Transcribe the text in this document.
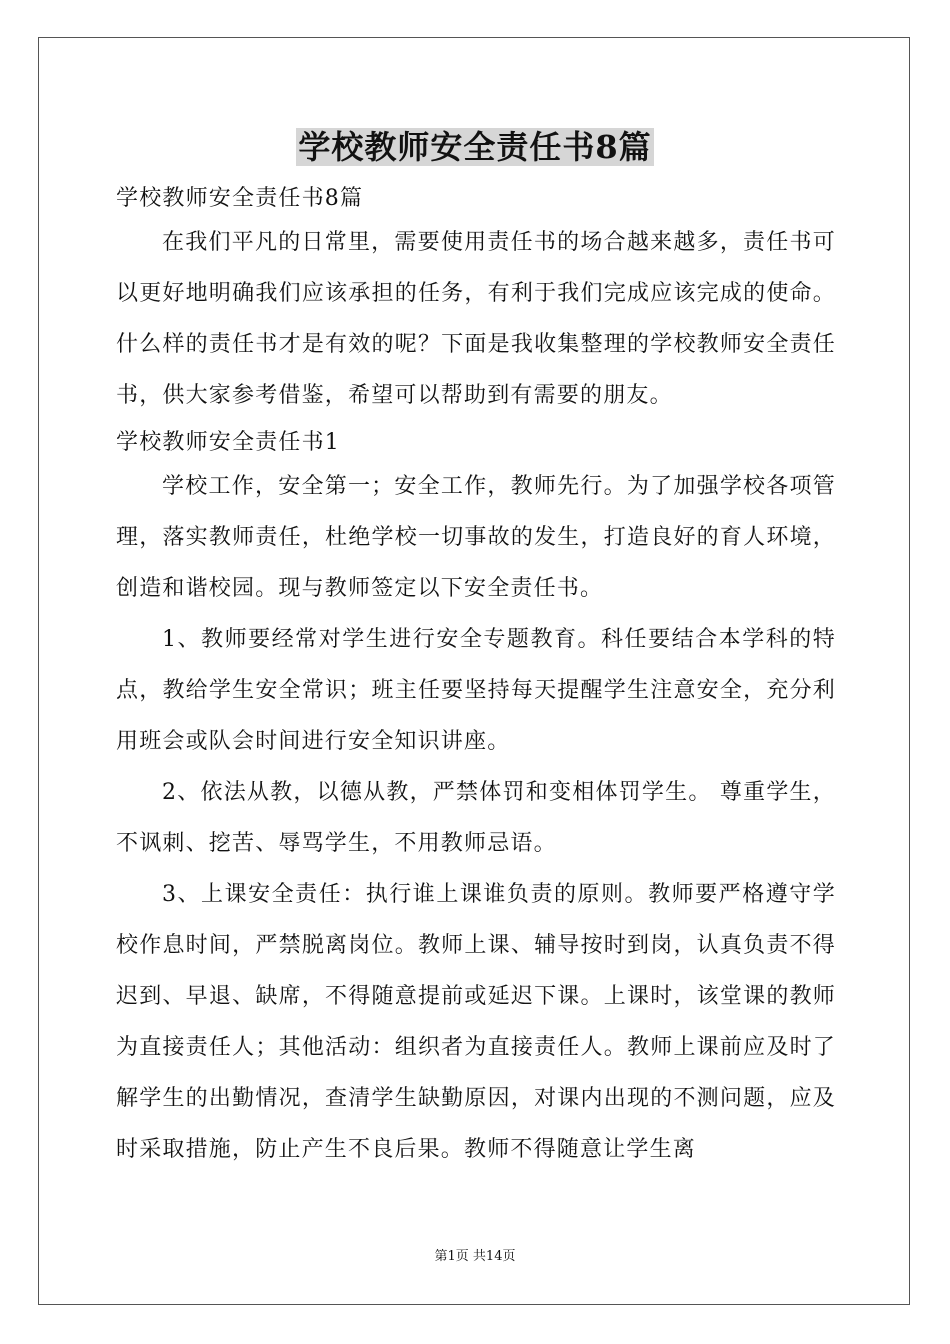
学校教师安全责任书8篇

学校教师安全责任书8篇

在我们平凡的日常里，需要使用责任书的场合越来越多，责任书可以更好地明确我们应该承担的任务，有利于我们完成应该完成的使命。什么样的责任书才是有效的呢？下面是我收集整理的学校教师安全责任书，供大家参考借鉴，希望可以帮助到有需要的朋友。

学校教师安全责任书1

学校工作，安全第一；安全工作，教师先行。为了加强学校各项管理，落实教师责任，杜绝学校一切事故的发生，打造良好的育人环境，创造和谐校园。现与教师签定以下安全责任书。

1、教师要经常对学生进行安全专题教育。科任要结合本学科的特点，教给学生安全常识；班主任要坚持每天提醒学生注意安全，充分利用班会或队会时间进行安全知识讲座。

2、依法从教，以德从教，严禁体罚和变相体罚学生。 尊重学生，不讽刺、挖苦、辱骂学生，不用教师忌语。

3、上课安全责任：执行谁上课谁负责的原则。教师要严格遵守学校作息时间，严禁脱离岗位。教师上课、辅导按时到岗，认真负责不得迟到、早退、缺席，不得随意提前或延迟下课。上课时，该堂课的教师为直接责任人；其他活动：组织者为直接责任人。教师上课前应及时了解学生的出勤情况，查清学生缺勤原因，对课内出现的不测问题，应及时采取措施，防止产生不良后果。教师不得随意让学生离

第1页 共14页
